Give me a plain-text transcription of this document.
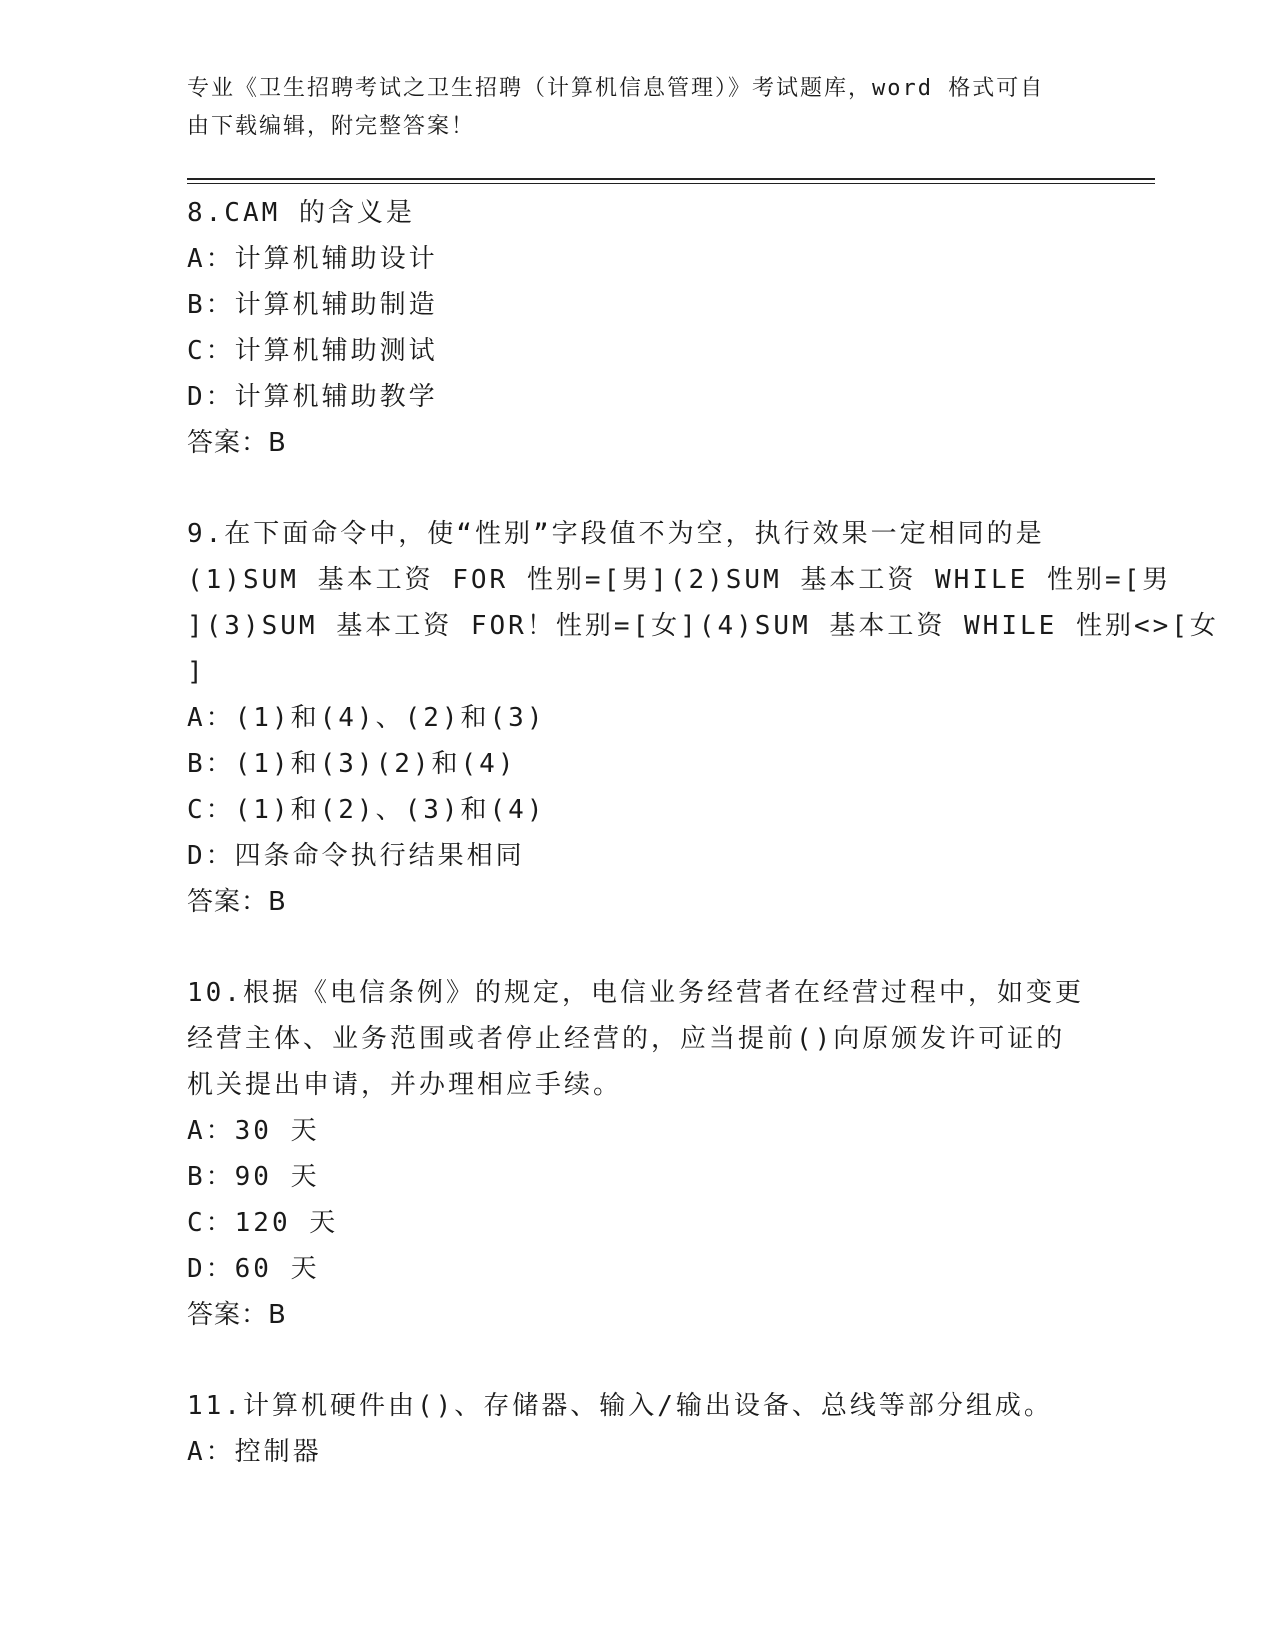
专业《卫生招聘考试之卫生招聘（计算机信息管理）》考试题库，word 格式可自
由下载编辑，附完整答案！
8.CAM 的含义是
A：计算机辅助设计
B：计算机辅助制造
C：计算机辅助测试
D：计算机辅助教学
答案：B
9.在下面命令中，使“性别”字段值不为空，执行效果一定相同的是
(1)SUM 基本工资 FOR 性别=[男](2)SUM 基本工资 WHILE 性别=[男
](3)SUM 基本工资 FOR！性别=[女](4)SUM 基本工资 WHILE 性别<>[女
]
A：(1)和(4)、(2)和(3)
B：(1)和(3)(2)和(4)
C：(1)和(2)、(3)和(4)
D：四条命令执行结果相同
答案：B
10.根据《电信条例》的规定，电信业务经营者在经营过程中，如变更
经营主体、业务范围或者停止经营的，应当提前()向原颁发许可证的
机关提出申请，并办理相应手续。
A：30 天
B：90 天
C：120 天
D：60 天
答案：B
11.计算机硬件由()、存储器、输入/输出设备、总线等部分组成。
A：控制器
